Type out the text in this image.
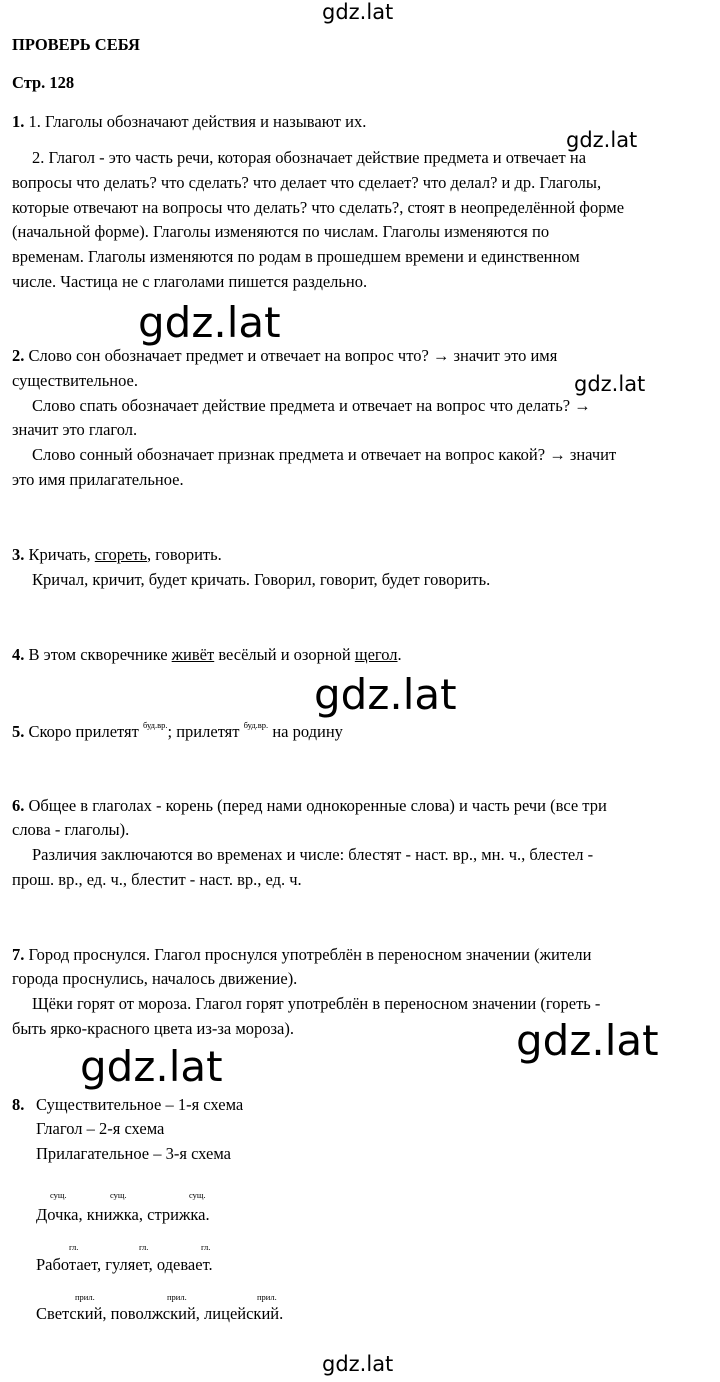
gdz.lat
gdz.lat
gdz.lat
gdz.lat
gdz.lat
gdz.lat
gdz.lat
gdz.lat
ПРОВЕРЬ СЕБЯ
Стр. 128
1. 1. Глаголы обозначают действия и называют их.
2. Глагол - это часть речи, которая обозначает действие предмета и отвечает на
вопросы что делать? что сделать? что делает что сделает? что делал? и др. Глаголы,
которые отвечают на вопросы что делать? что сделать?, стоят в неопределённой форме
(начальной форме). Глаголы изменяются по числам. Глаголы изменяются по
временам. Глаголы изменяются по родам в прошедшем времени и единственном
числе. Частица не с глаголами пишется раздельно.
2. Слово сон обозначает предмет и отвечает на вопрос что? → значит это имя
существительное.
Слово спать обозначает действие предмета и отвечает на вопрос что делать? →
значит это глагол.
Слово сонный обозначает признак предмета и отвечает на вопрос какой? → значит
это имя прилагательное.
3. Кричать, сгореть, говорить.
Кричал, кричит, будет кричать. Говорил, говорит, будет говорить.
4. В этом скворечнике живёт весёлый и озорной щегол.
5. Скоро прилетят $^{буд.вр.}$; прилетят $^{буд.вр.}$ на родину
6. Общее в глаголах - корень (перед нами однокоренные слова) и часть речи (все три
слова - глаголы).
Различия заключаются во временах и числе: блестят - наст. вр., мн. ч., блестел -
прош. вр., ед. ч., блестит - наст. вр., ед. ч.
7. Город проснулся. Глагол проснулся употреблён в переносном значении (жители
города проснулись, началось движение).
Щёки горят от мороза. Глагол горят употреблён в переносном значении (гореть -
быть ярко-красного цвета из-за мороза).
8. Существительное – 1-я схема
Глагол – 2-я схема
Прилагательное – 3-я схема
сущ.	сущ.	сущ.
Дочка, книжка, стрижка.
гл.	гл.	гл.
Работает, гуляет, одевает.
прил.	прил.	прил.
Светский, поволжский, лицейский.
